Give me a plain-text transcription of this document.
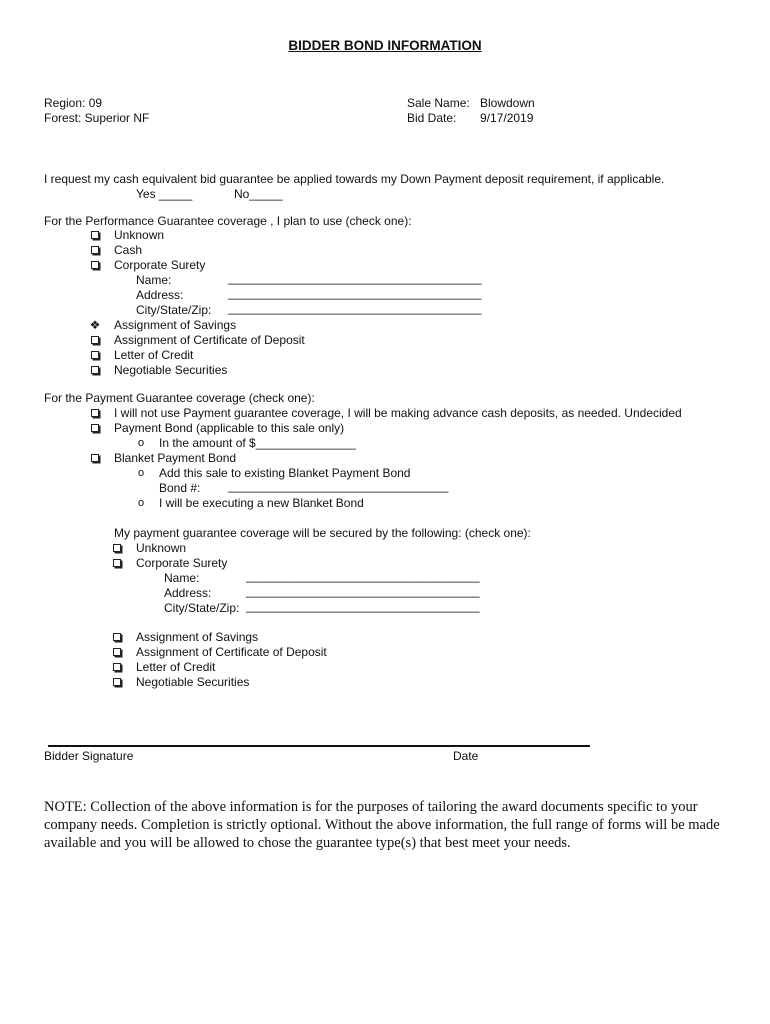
BIDDER BOND INFORMATION
Region: 09
Forest: Superior NF
Sale Name: Blowdown
Bid Date: 9/17/2019
I request my cash equivalent bid guarantee be applied towards my Down Payment deposit requirement, if applicable.
Yes _____	No_____
For the Performance Guarantee coverage , I plan to use (check one):
Unknown
Cash
Corporate Surety
Name:	______________________________________
Address:	______________________________________
City/State/Zip: ______________________________________
❖ Assignment of Savings
Assignment of Certificate of Deposit
Letter of Credit
Negotiable Securities
For the Payment Guarantee coverage (check one):
I will not use Payment guarantee coverage, I will be making advance cash deposits, as needed. Undecided
Payment Bond (applicable to this sale only)
o In the amount of $_______________
Blanket Payment Bond
o Add this sale to existing Blanket Payment Bond
Bond #: _________________________________
o I will be executing a new Blanket Bond
My payment guarantee coverage will be secured by the following: (check one):
Unknown
Corporate Surety
Name:	___________________________________
Address:	___________________________________
City/State/Zip: ___________________________________
Assignment of Savings
Assignment of Certificate of Deposit
Letter of Credit
Negotiable Securities
Bidder Signature	Date
NOTE: Collection of the above information is for the purposes of tailoring the award documents specific to your company needs. Completion is strictly optional. Without the above information, the full range of forms will be made available and you will be allowed to chose the guarantee type(s) that best meet your needs.
